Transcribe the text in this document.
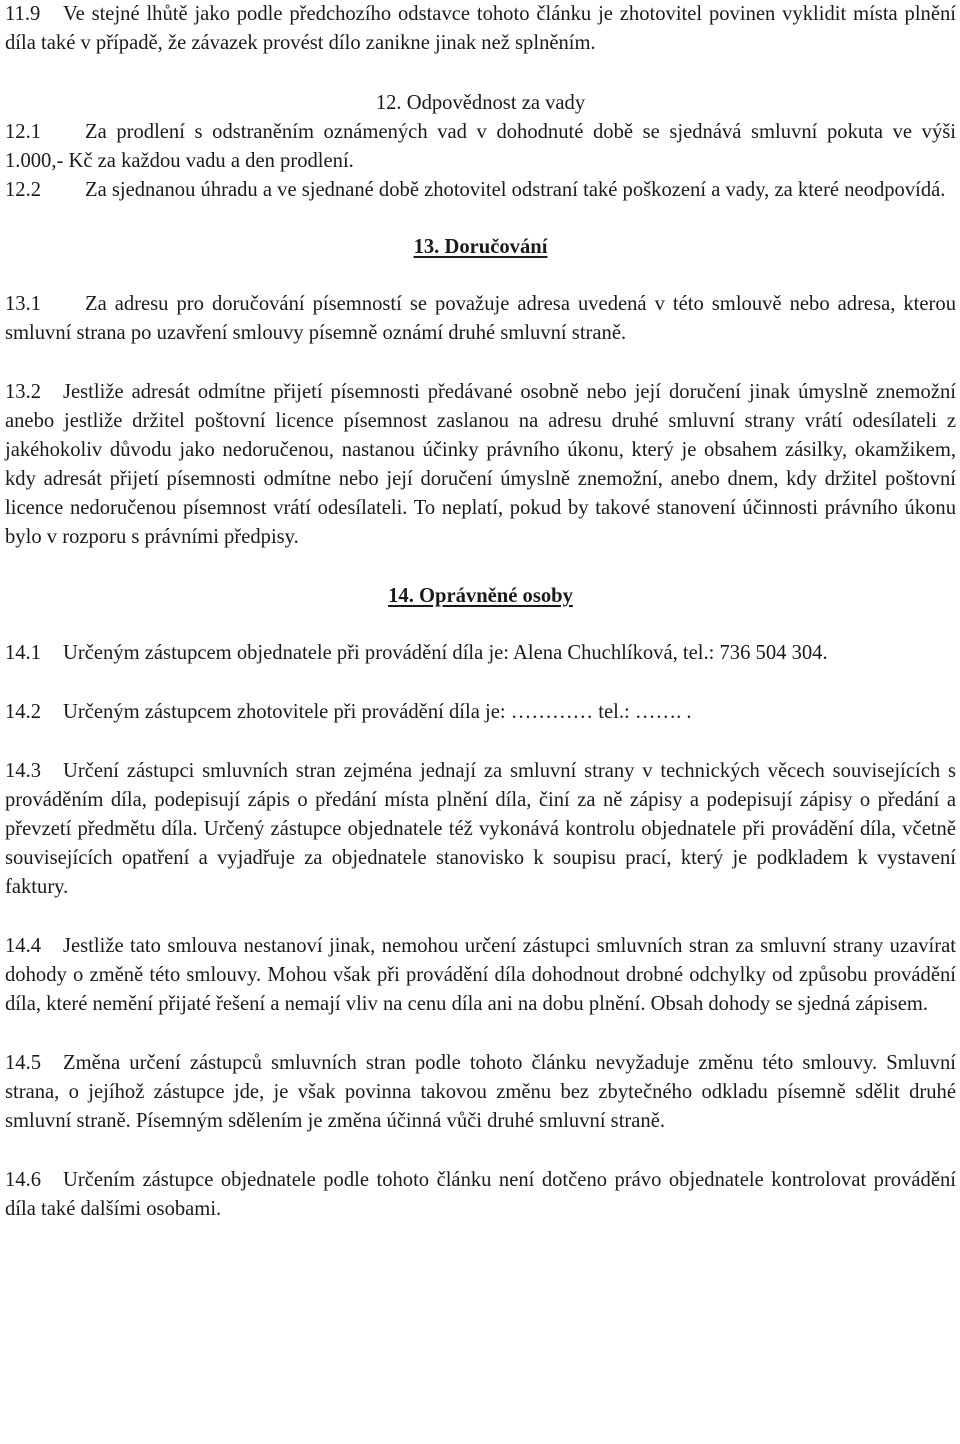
11.9 Ve stejné lhůtě jako podle předchozího odstavce tohoto článku je zhotovitel povinen vyklidit místa plnění díla také v případě, že závazek provést dílo zanikne jinak než splněním.

12. Odpovědnost za vady

12.1 Za prodlení s odstraněním oznámených vad v dohodnuté době se sjednává smluvní pokuta ve výši 1.000,- Kč za každou vadu a den prodlení.

12.2 Za sjednanou úhradu a ve sjednané době zhotovitel odstraní také poškození a vady, za které neodpovídá.

13. Doručování

13.1 Za adresu pro doručování písemností se považuje adresa uvedená v této smlouvě nebo adresa, kterou smluvní strana po uzavření smlouvy písemně oznámí druhé smluvní straně.

13.2 Jestliže adresát odmítne přijetí písemnosti předávané osobně nebo její doručení jinak úmyslně znemožní anebo jestliže držitel poštovní licence písemnost zaslanou na adresu druhé smluvní strany vrátí odesílateli z jakéhokoliv důvodu jako nedoručenou, nastanou účinky právního úkonu, který je obsahem zásilky, okamžikem, kdy adresát přijetí písemnosti odmítne nebo její doručení úmyslně znemožní, anebo dnem, kdy držitel poštovní licence nedoručenou písemnost vrátí odesílateli. To neplatí, pokud by takové stanovení účinnosti právního úkonu bylo v rozporu s právními předpisy.

14. Oprávněné osoby

14.1 Určeným zástupcem objednatele při provádění díla je: Alena Chuchlíková, tel.: 736 504 304.

14.2 Určeným zástupcem zhotovitele při provádění díla je: ………… tel.: ……. .

14.3 Určení zástupci smluvních stran zejména jednají za smluvní strany v technických věcech souvisejících s prováděním díla, podepisují zápis o předání místa plnění díla, činí za ně zápisy a podepisují zápisy o předání a převzetí předmětu díla. Určený zástupce objednatele též vykonává kontrolu objednatele při provádění díla, včetně souvisejících opatření a vyjadřuje za objednatele stanovisko k soupisu prací, který je podkladem k vystavení faktury.

14.4 Jestliže tato smlouva nestanoví jinak, nemohou určení zástupci smluvních stran za smluvní strany uzavírat dohody o změně této smlouvy. Mohou však při provádění díla dohodnout drobné odchylky od způsobu provádění díla, které nemění přijaté řešení a nemají vliv na cenu díla ani na dobu plnění. Obsah dohody se sjedná zápisem.

14.5 Změna určení zástupců smluvních stran podle tohoto článku nevyžaduje změnu této smlouvy. Smluvní strana, o jejíhož zástupce jde, je však povinna takovou změnu bez zbytečného odkladu písemně sdělit druhé smluvní straně. Písemným sdělením je změna účinná vůči druhé smluvní straně.

14.6 Určením zástupce objednatele podle tohoto článku není dotčeno právo objednatele kontrolovat provádění díla také dalšími osobami.
